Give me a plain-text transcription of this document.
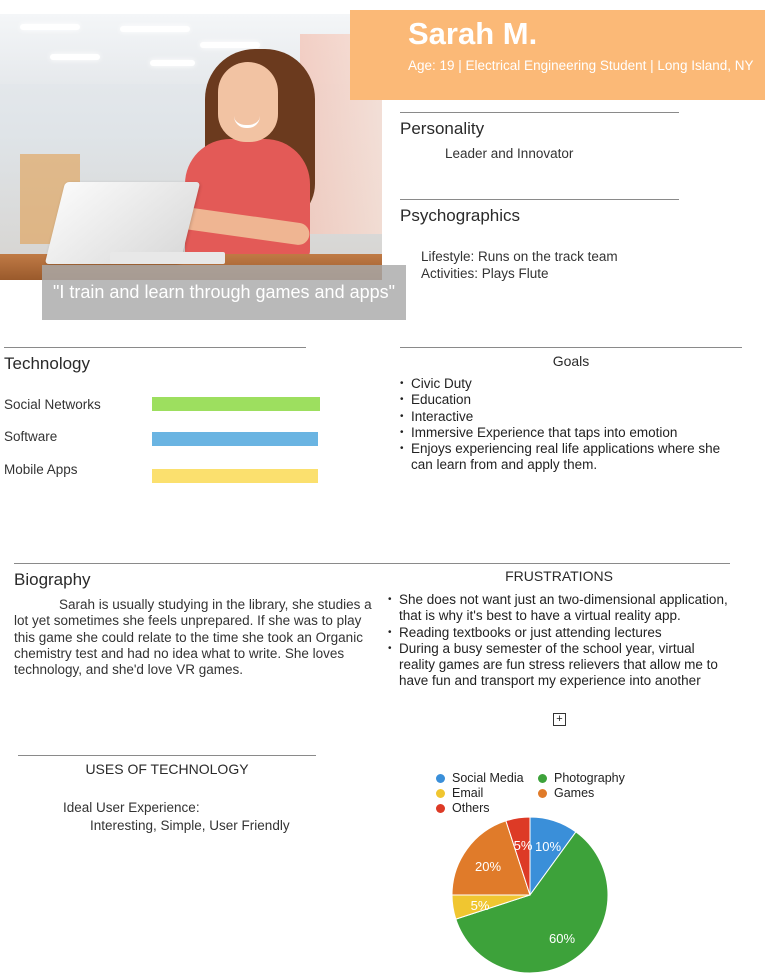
"I train and learn through games and apps"
Sarah M.
Age: 19 | Electrical Engineering Student | Long Island, NY
Personality
Leader and Innovator
Psychographics
Lifestyle: Runs on the track team
Activities: Plays Flute
Technology
Social Networks
Software
Mobile Apps
Goals
• Civic Duty
• Education
• Interactive
• Immersive Experience that taps into emotion
• Enjoys experiencing real life applications where she can learn from and apply them.
Biography
Sarah is usually studying in the library, she studies a lot yet sometimes she feels unprepared. If she was to play this game she could relate to the time she took an Organic chemistry test and had no idea what to write. She loves technology, and she'd love VR games.
FRUSTRATIONS
• She does not want just an two-dimensional application, that is why it's best to have a virtual reality app.
• Reading textbooks or just attending lectures
• During a busy semester of the school year, virtual reality games are fun stress relievers that allow me to have fun and transport my experience into another
+
USES OF TECHNOLOGY
Ideal User Experience:
Interesting, Simple, User Friendly
Social Media	Photography
Email	Games
Others
10%
60%
5%
20%
5%
